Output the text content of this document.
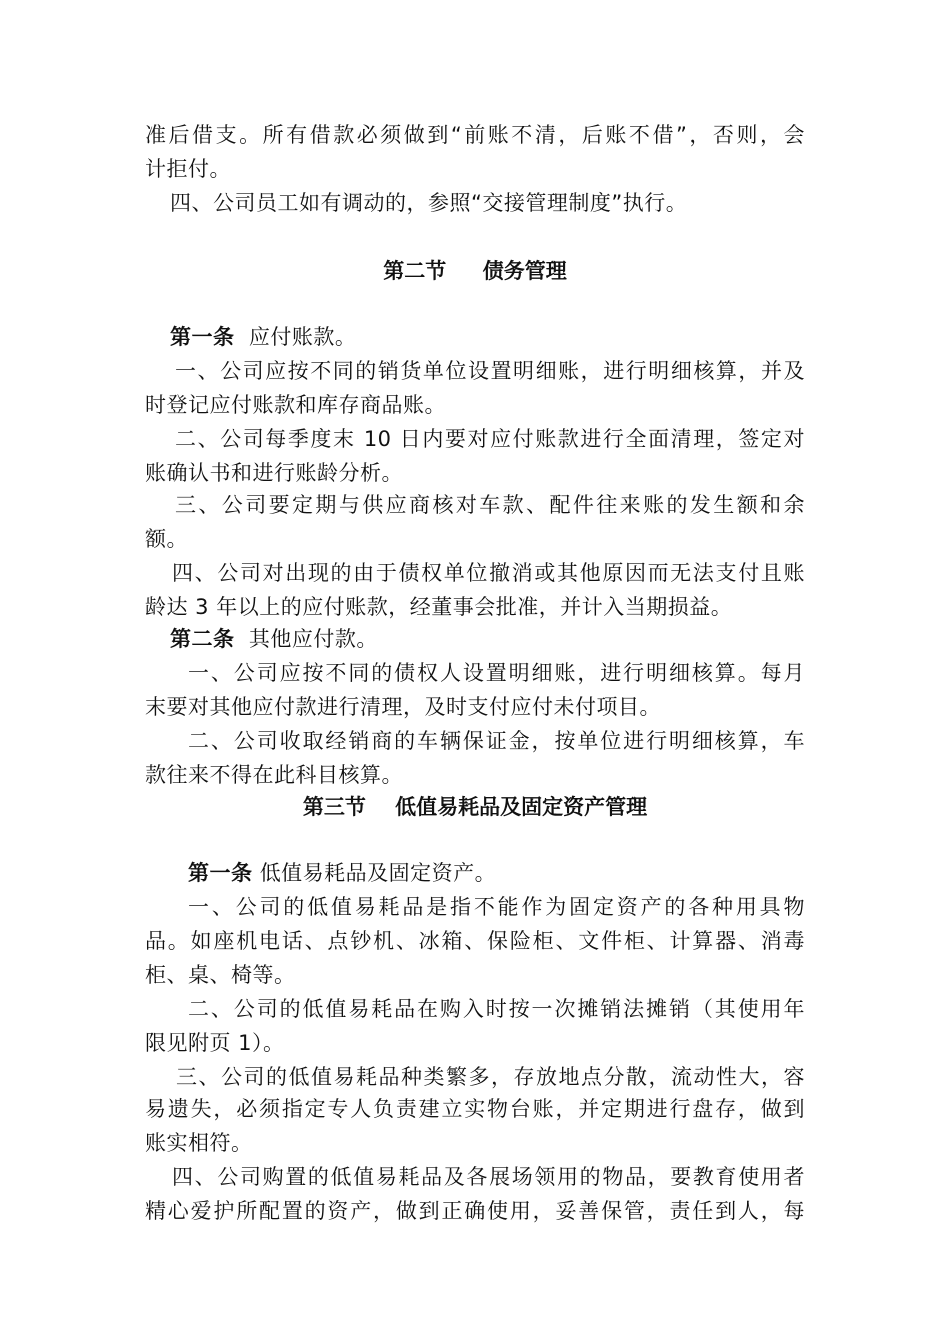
准后借支。所有借款必须做到“前账不清，后账不借”，否则，会
计拒付。
四、公司员工如有调动的，参照“交接管理制度”执行。
第二节     债务管理
第一条 应付账款。
一、公司应按不同的销货单位设置明细账，进行明细核算，并及
时登记应付账款和库存商品账。
二、公司每季度末 10 日内要对应付账款进行全面清理，签定对
账确认书和进行账龄分析。
三、公司要定期与供应商核对车款、配件往来账的发生额和余
额。
四、公司对出现的由于债权单位撤消或其他原因而无法支付且账
龄达 3 年以上的应付账款，经董事会批准，并计入当期损益。
第二条 其他应付款。
一、公司应按不同的债权人设置明细账，进行明细核算。每月
末要对其他应付款进行清理，及时支付应付未付项目。
二、公司收取经销商的车辆保证金，按单位进行明细核算，车
款往来不得在此科目核算。
第三节    低值易耗品及固定资产管理
第一条 低值易耗品及固定资产。
一、公司的低值易耗品是指不能作为固定资产的各种用具物
品。如座机电话、点钞机、冰箱、保险柜、文件柜、计算器、消毒
柜、桌、椅等。
二、公司的低值易耗品在购入时按一次摊销法摊销（其使用年
限见附页 1）。
三、公司的低值易耗品种类繁多，存放地点分散，流动性大，容
易遗失，必须指定专人负责建立实物台账，并定期进行盘存，做到
账实相符。
四、公司购置的低值易耗品及各展场领用的物品，要教育使用者
精心爱护所配置的资产，做到正确使用，妥善保管，责任到人，每
